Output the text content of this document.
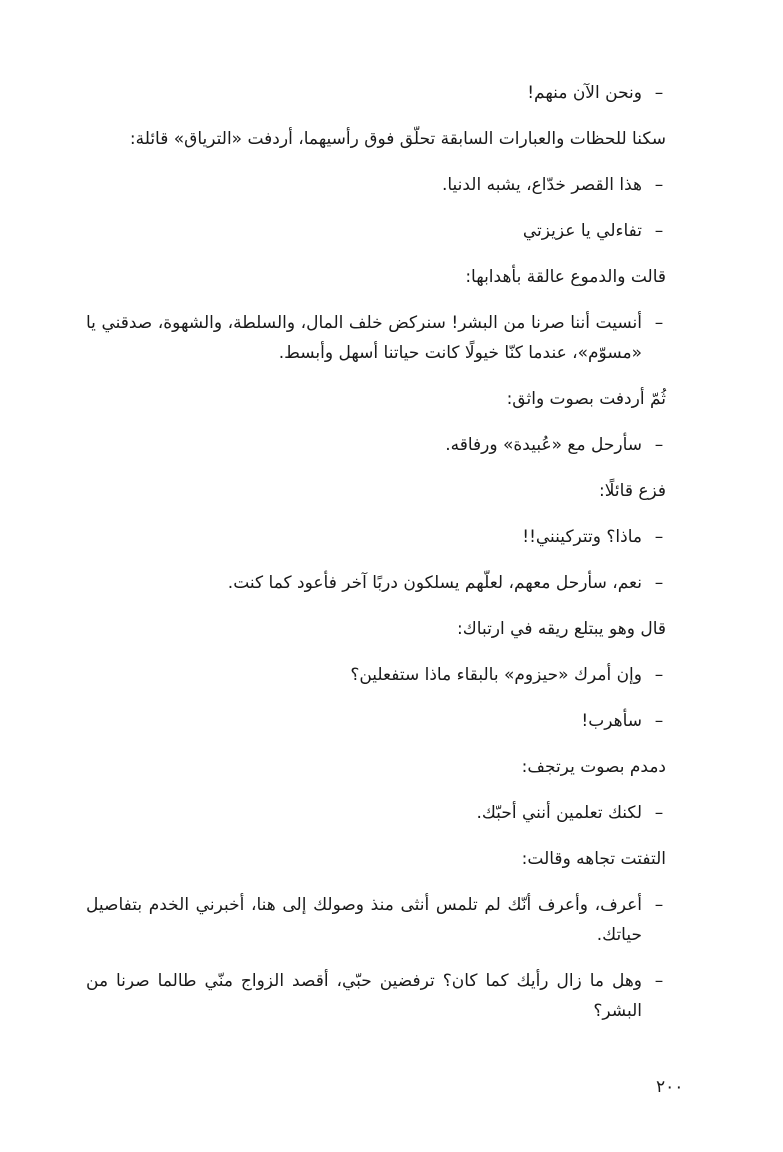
–
ونحن الآن منهم!

سكنا للحظات والعبارات السابقة تحلّق فوق رأسيهما، أردفت «الترياق» قائلة:

–
هذا القصر خدّاع، يشبه الدنيا.

–
تفاءلي يا عزيزتي

قالت والدموع عالقة بأهدابها:

–
أنسيت أننا صرنا من البشر! سنركض خلف المال، والسلطة، والشهوة، صدقني يا «مسوّم»، عندما كنّا خيولًا كانت حياتنا أسهل وأبسط.

ثُمّ أردفت بصوت واثق:

–
سأرحل مع «عُبيدة» ورفاقه.

فزع قائلًا:

–
ماذا؟ وتتركينني!!

–
نعم، سأرحل معهم، لعلّهم يسلكون دربًا آخر فأعود كما كنت.

قال وهو يبتلع ريقه في ارتباك:

–
وإن أمرك «حيزوم» بالبقاء ماذا ستفعلين؟

–
سأهرب!

دمدم بصوت يرتجف:

–
لكنك تعلمين أنني أحبّك.

التفتت تجاهه وقالت:

–
أعرف، وأعرف أنّك لم تلمس أنثى منذ وصولك إلى هنا، أخبرني الخدم بتفاصيل حياتك.

–
وهل ما زال رأيك كما كان؟ ترفضين حبّي، أقصد الزواج منّي طالما صرنا من البشر؟

٢٠٠
